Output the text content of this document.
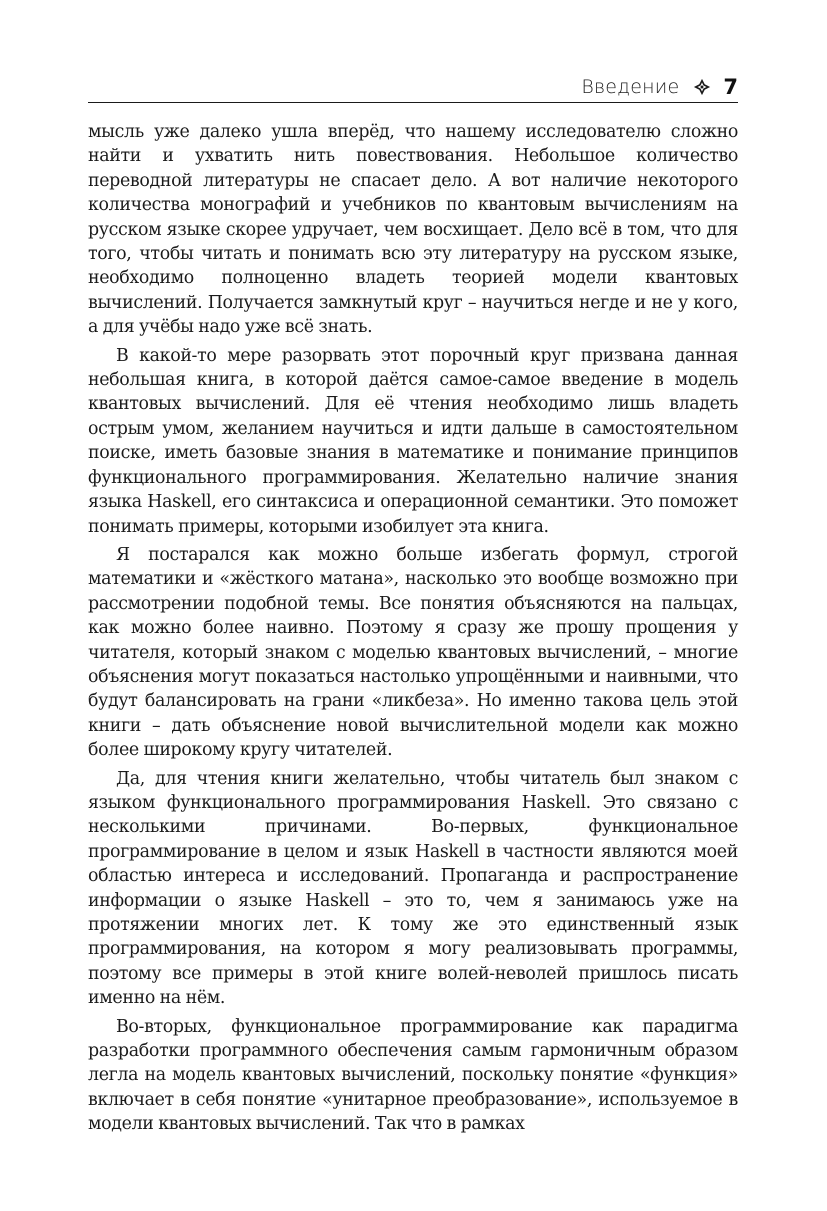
Введение 7

мысль уже далеко ушла вперёд, что нашему исследователю сложно найти и ухватить нить повествования. Небольшое количество переводной литературы не спасает дело. А вот наличие некоторого количества монографий и учебников по квантовым вычислениям на русском языке скорее удручает, чем восхищает. Дело всё в том, что для того, чтобы читать и понимать всю эту литературу на русском языке, необходимо полноценно владеть теорией модели квантовых вычислений. Получается замкнутый круг – научиться негде и не у кого, а для учёбы надо уже всё знать.

В какой-то мере разорвать этот порочный круг призвана данная небольшая книга, в которой даётся самое-самое введение в модель квантовых вычислений. Для её чтения необходимо лишь владеть острым умом, желанием научиться и идти дальше в самостоятельном поиске, иметь базовые знания в математике и понимание принципов функционального программирования. Желательно наличие знания языка Haskell, его синтаксиса и операционной семантики. Это поможет понимать примеры, которыми изобилует эта книга.

Я постарался как можно больше избегать формул, строгой математики и «жёсткого матана», насколько это вообще возможно при рассмотрении подобной темы. Все понятия объясняются на пальцах, как можно более наивно. Поэтому я сразу же прошу прощения у читателя, который знаком с моделью квантовых вычислений, – многие объяснения могут показаться настолько упрощёнными и наивными, что будут балансировать на грани «ликбеза». Но именно такова цель этой книги – дать объяснение новой вычислительной модели как можно более широкому кругу читателей.

Да, для чтения книги желательно, чтобы читатель был знаком с языком функционального программирования Haskell. Это связано с несколькими причинами. Во-первых, функциональное программирование в целом и язык Haskell в частности являются моей областью интереса и исследований. Пропаганда и распространение информации о языке Haskell – это то, чем я занимаюсь уже на протяжении многих лет. К тому же это единственный язык программирования, на котором я могу реализовывать программы, поэтому все примеры в этой книге волей-неволей пришлось писать именно на нём.

Во-вторых, функциональное программирование как парадигма разработки программного обеспечения самым гармоничным образом легла на модель квантовых вычислений, поскольку понятие «функция» включает в себя понятие «унитарное преобразование», используемое в модели квантовых вычислений. Так что в рамках
